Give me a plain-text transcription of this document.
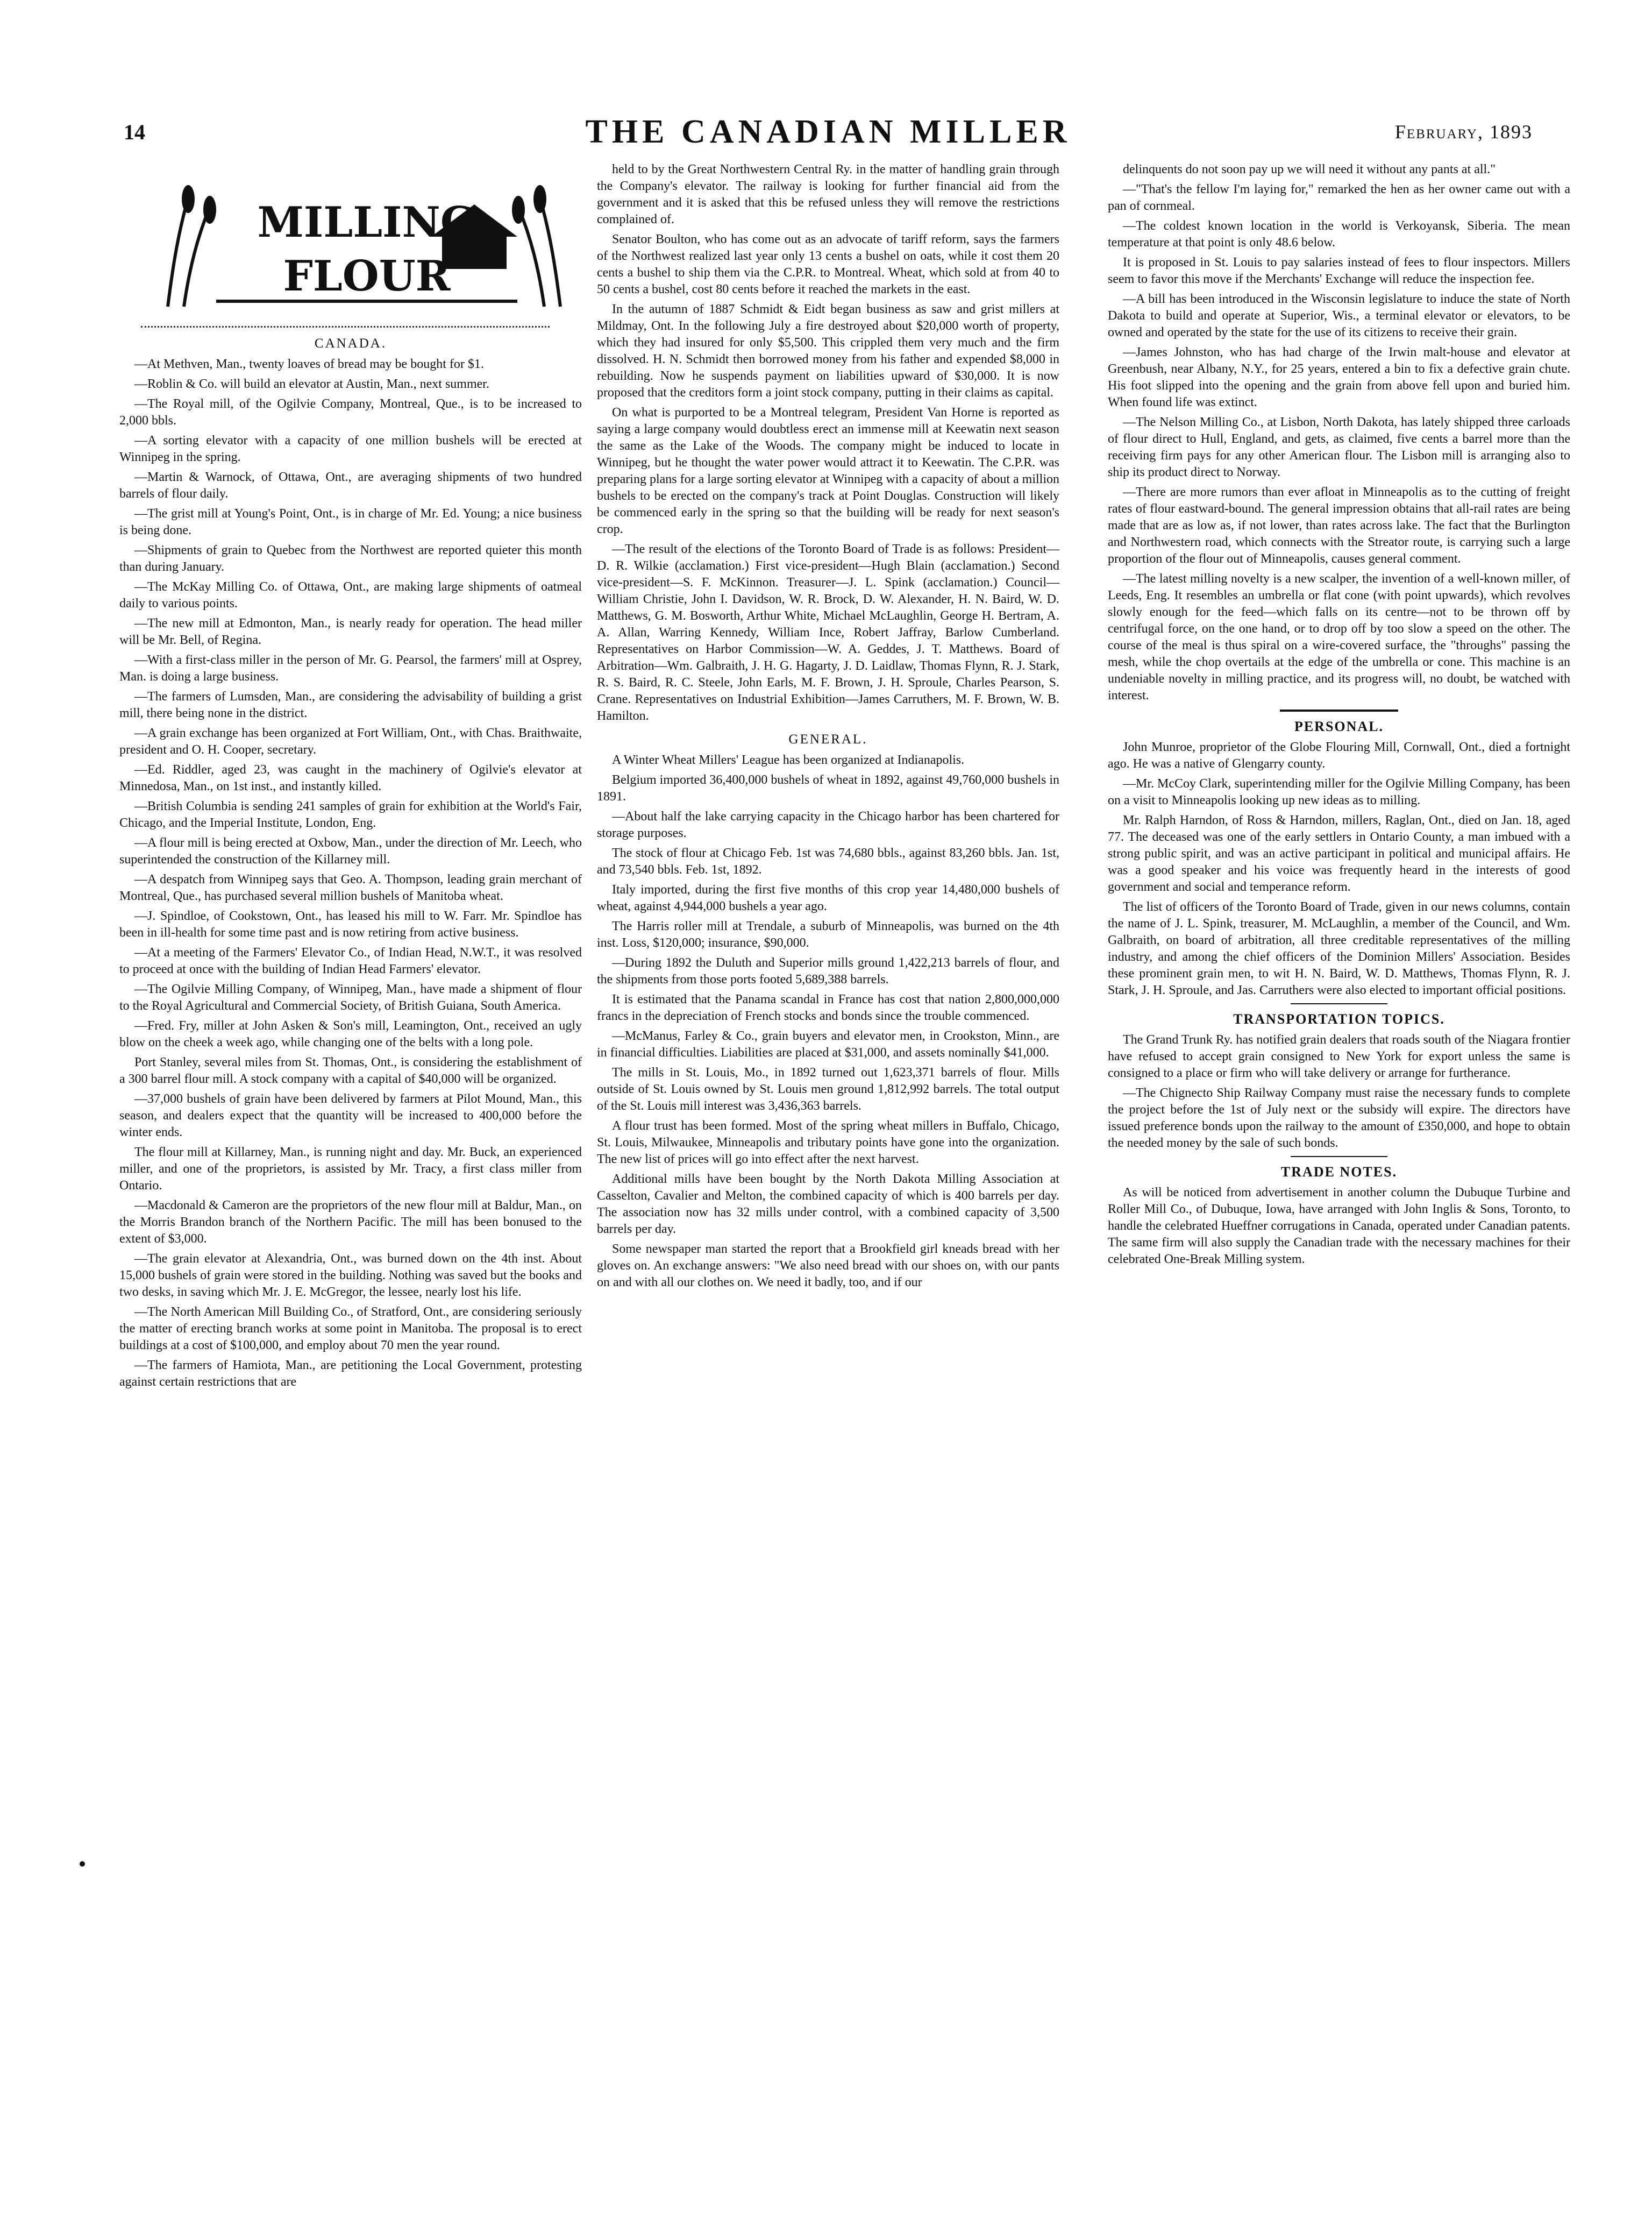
14	THE CANADIAN MILLER	February, 1893
MILLING
FLOUR
CANADA.

—At Methven, Man., twenty loaves of bread may be bought for $1.

—Roblin & Co. will build an elevator at Austin, Man., next summer.

—The Royal mill, of the Ogilvie Company, Montreal, Que., is to be increased to 2,000 bbls.

—A sorting elevator with a capacity of one million bushels will be erected at Winnipeg in the spring.

—Martin & Warnock, of Ottawa, Ont., are averaging shipments of two hundred barrels of flour daily.

—The grist mill at Young's Point, Ont., is in charge of Mr. Ed. Young; a nice business is being done.

—Shipments of grain to Quebec from the Northwest are reported quieter this month than during January.

—The McKay Milling Co. of Ottawa, Ont., are making large shipments of oatmeal daily to various points.

—The new mill at Edmonton, Man., is nearly ready for operation. The head miller will be Mr. Bell, of Regina.

—With a first-class miller in the person of Mr. G. Pearsol, the farmers' mill at Osprey, Man. is doing a large business.

—The farmers of Lumsden, Man., are considering the advisability of building a grist mill, there being none in the district.

—A grain exchange has been organized at Fort William, Ont., with Chas. Braithwaite, president and O. H. Cooper, secretary.

—Ed. Riddler, aged 23, was caught in the machinery of Ogilvie's elevator at Minnedosa, Man., on 1st inst., and instantly killed.

—British Columbia is sending 241 samples of grain for exhibition at the World's Fair, Chicago, and the Imperial Institute, London, Eng.

—A flour mill is being erected at Oxbow, Man., under the direction of Mr. Leech, who superintended the construction of the Killarney mill.

—A despatch from Winnipeg says that Geo. A. Thompson, leading grain merchant of Montreal, Que., has purchased several million bushels of Manitoba wheat.

—J. Spindloe, of Cookstown, Ont., has leased his mill to W. Farr. Mr. Spindloe has been in ill-health for some time past and is now retiring from active business.

—At a meeting of the Farmers' Elevator Co., of Indian Head, N.W.T., it was resolved to proceed at once with the building of Indian Head Farmers' elevator.

—The Ogilvie Milling Company, of Winnipeg, Man., have made a shipment of flour to the Royal Agricultural and Commercial Society, of British Guiana, South America.

—Fred. Fry, miller at John Asken & Son's mill, Leamington, Ont., received an ugly blow on the cheek a week ago, while changing one of the belts with a long pole.

Port Stanley, several miles from St. Thomas, Ont., is considering the establishment of a 300 barrel flour mill. A stock company with a capital of $40,000 will be organized.

—37,000 bushels of grain have been delivered by farmers at Pilot Mound, Man., this season, and dealers expect that the quantity will be increased to 400,000 before the winter ends.

The flour mill at Killarney, Man., is running night and day. Mr. Buck, an experienced miller, and one of the proprietors, is assisted by Mr. Tracy, a first class miller from Ontario.

—Macdonald & Cameron are the proprietors of the new flour mill at Baldur, Man., on the Morris Brandon branch of the Northern Pacific. The mill has been bonused to the extent of $3,000.

—The grain elevator at Alexandria, Ont., was burned down on the 4th inst. About 15,000 bushels of grain were stored in the building. Nothing was saved but the books and two desks, in saving which Mr. J. E. McGregor, the lessee, nearly lost his life.

—The North American Mill Building Co., of Stratford, Ont., are considering seriously the matter of erecting branch works at some point in Manitoba. The proposal is to erect buildings at a cost of $100,000, and employ about 70 men the year round.

—The farmers of Hamiota, Man., are petitioning the Local Government, protesting against certain restrictions that are

held to by the Great Northwestern Central Ry. in the matter of handling grain through the Company's elevator. The railway is looking for further financial aid from the government and it is asked that this be refused unless they will remove the restrictions complained of.

Senator Boulton, who has come out as an advocate of tariff reform, says the farmers of the Northwest realized last year only 13 cents a bushel on oats, while it cost them 20 cents a bushel to ship them via the C.P.R. to Montreal. Wheat, which sold at from 40 to 50 cents a bushel, cost 80 cents before it reached the markets in the east.

In the autumn of 1887 Schmidt & Eidt began business as saw and grist millers at Mildmay, Ont. In the following July a fire destroyed about $20,000 worth of property, which they had insured for only $5,500. This crippled them very much and the firm dissolved. H. N. Schmidt then borrowed money from his father and expended $8,000 in rebuilding. Now he suspends payment on liabilities upward of $30,000. It is now proposed that the creditors form a joint stock company, putting in their claims as capital.

On what is purported to be a Montreal telegram, President Van Horne is reported as saying a large company would doubtless erect an immense mill at Keewatin next season the same as the Lake of the Woods. The company might be induced to locate in Winnipeg, but he thought the water power would attract it to Keewatin. The C.P.R. was preparing plans for a large sorting elevator at Winnipeg with a capacity of about a million bushels to be erected on the company's track at Point Douglas. Construction will likely be commenced early in the spring so that the building will be ready for next season's crop.

—The result of the elections of the Toronto Board of Trade is as follows: President—D. R. Wilkie (acclamation.) First vice-president—Hugh Blain (acclamation.) Second vice-president—S. F. McKinnon. Treasurer—J. L. Spink (acclamation.) Council—William Christie, John I. Davidson, W. R. Brock, D. W. Alexander, H. N. Baird, W. D. Matthews, G. M. Bosworth, Arthur White, Michael McLaughlin, George H. Bertram, A. A. Allan, Warring Kennedy, William Ince, Robert Jaffray, Barlow Cumberland. Representatives on Harbor Commission—W. A. Geddes, J. T. Matthews. Board of Arbitration—Wm. Galbraith, J. H. G. Hagarty, J. D. Laidlaw, Thomas Flynn, R. J. Stark, R. S. Baird, R. C. Steele, John Earls, M. F. Brown, J. H. Sproule, Charles Pearson, S. Crane. Representatives on Industrial Exhibition—James Carruthers, M. F. Brown, W. B. Hamilton.

GENERAL.

A Winter Wheat Millers' League has been organized at Indianapolis.

Belgium imported 36,400,000 bushels of wheat in 1892, against 49,760,000 bushels in 1891.

—About half the lake carrying capacity in the Chicago harbor has been chartered for storage purposes.

The stock of flour at Chicago Feb. 1st was 74,680 bbls., against 83,260 bbls. Jan. 1st, and 73,540 bbls. Feb. 1st, 1892.

Italy imported, during the first five months of this crop year 14,480,000 bushels of wheat, against 4,944,000 bushels a year ago.

The Harris roller mill at Trendale, a suburb of Minneapolis, was burned on the 4th inst. Loss, $120,000; insurance, $90,000.

—During 1892 the Duluth and Superior mills ground 1,422,213 barrels of flour, and the shipments from those ports footed 5,689,388 barrels.

It is estimated that the Panama scandal in France has cost that nation 2,800,000,000 francs in the depreciation of French stocks and bonds since the trouble commenced.

—McManus, Farley & Co., grain buyers and elevator men, in Crookston, Minn., are in financial difficulties. Liabilities are placed at $31,000, and assets nominally $41,000.

The mills in St. Louis, Mo., in 1892 turned out 1,623,371 barrels of flour. Mills outside of St. Louis owned by St. Louis men ground 1,812,992 barrels. The total output of the St. Louis mill interest was 3,436,363 barrels.

A flour trust has been formed. Most of the spring wheat millers in Buffalo, Chicago, St. Louis, Milwaukee, Minneapolis and tributary points have gone into the organization. The new list of prices will go into effect after the next harvest.

Additional mills have been bought by the North Dakota Milling Association at Casselton, Cavalier and Melton, the combined capacity of which is 400 barrels per day. The association now has 32 mills under control, with a combined capacity of 3,500 barrels per day.

Some newspaper man started the report that a Brookfield girl kneads bread with her gloves on. An exchange answers: "We also need bread with our shoes on, with our pants on and with all our clothes on. We need it badly, too, and if our

delinquents do not soon pay up we will need it without any pants at all."

—"That's the fellow I'm laying for," remarked the hen as her owner came out with a pan of cornmeal.

—The coldest known location in the world is Verkoyansk, Siberia. The mean temperature at that point is only 48.6 below.

It is proposed in St. Louis to pay salaries instead of fees to flour inspectors. Millers seem to favor this move if the Merchants' Exchange will reduce the inspection fee.

—A bill has been introduced in the Wisconsin legislature to induce the state of North Dakota to build and operate at Superior, Wis., a terminal elevator or elevators, to be owned and operated by the state for the use of its citizens to receive their grain.

—James Johnston, who has had charge of the Irwin malt-house and elevator at Greenbush, near Albany, N.Y., for 25 years, entered a bin to fix a defective grain chute. His foot slipped into the opening and the grain from above fell upon and buried him. When found life was extinct.

—The Nelson Milling Co., at Lisbon, North Dakota, has lately shipped three carloads of flour direct to Hull, England, and gets, as claimed, five cents a barrel more than the receiving firm pays for any other American flour. The Lisbon mill is arranging also to ship its product direct to Norway.

—There are more rumors than ever afloat in Minneapolis as to the cutting of freight rates of flour eastward-bound. The general impression obtains that all-rail rates are being made that are as low as, if not lower, than rates across lake. The fact that the Burlington and Northwestern road, which connects with the Streator route, is carrying such a large proportion of the flour out of Minneapolis, causes general comment.

—The latest milling novelty is a new scalper, the invention of a well-known miller, of Leeds, Eng. It resembles an umbrella or flat cone (with point upwards), which revolves slowly enough for the feed—which falls on its centre—not to be thrown off by centrifugal force, on the one hand, or to drop off by too slow a speed on the other. The course of the meal is thus spiral on a wire-covered surface, the "throughs" passing the mesh, while the chop overtails at the edge of the umbrella or cone. This machine is an undeniable novelty in milling practice, and its progress will, no doubt, be watched with interest.

PERSONAL.

John Munroe, proprietor of the Globe Flouring Mill, Cornwall, Ont., died a fortnight ago. He was a native of Glengarry county.

—Mr. McCoy Clark, superintending miller for the Ogilvie Milling Company, has been on a visit to Minneapolis looking up new ideas as to milling.

Mr. Ralph Harndon, of Ross & Harndon, millers, Raglan, Ont., died on Jan. 18, aged 77. The deceased was one of the early settlers in Ontario County, a man imbued with a strong public spirit, and was an active participant in political and municipal affairs. He was a good speaker and his voice was frequently heard in the interests of good government and social and temperance reform.

The list of officers of the Toronto Board of Trade, given in our news columns, contain the name of J. L. Spink, treasurer, M. McLaughlin, a member of the Council, and Wm. Galbraith, on board of arbitration, all three creditable representatives of the milling industry, and among the chief officers of the Dominion Millers' Association. Besides these prominent grain men, to wit H. N. Baird, W. D. Matthews, Thomas Flynn, R. J. Stark, J. H. Sproule, and Jas. Carruthers were also elected to important official positions.

TRANSPORTATION TOPICS.

The Grand Trunk Ry. has notified grain dealers that roads south of the Niagara frontier have refused to accept grain consigned to New York for export unless the same is consigned to a place or firm who will take delivery or arrange for furtherance.

—The Chignecto Ship Railway Company must raise the necessary funds to complete the project before the 1st of July next or the subsidy will expire. The directors have issued preference bonds upon the railway to the amount of £350,000, and hope to obtain the needed money by the sale of such bonds.

TRADE NOTES.

As will be noticed from advertisement in another column the Dubuque Turbine and Roller Mill Co., of Dubuque, Iowa, have arranged with John Inglis & Sons, Toronto, to handle the celebrated Hueffner corrugations in Canada, operated under Canadian patents. The same firm will also supply the Canadian trade with the necessary machines for their celebrated One-Break Milling system.
